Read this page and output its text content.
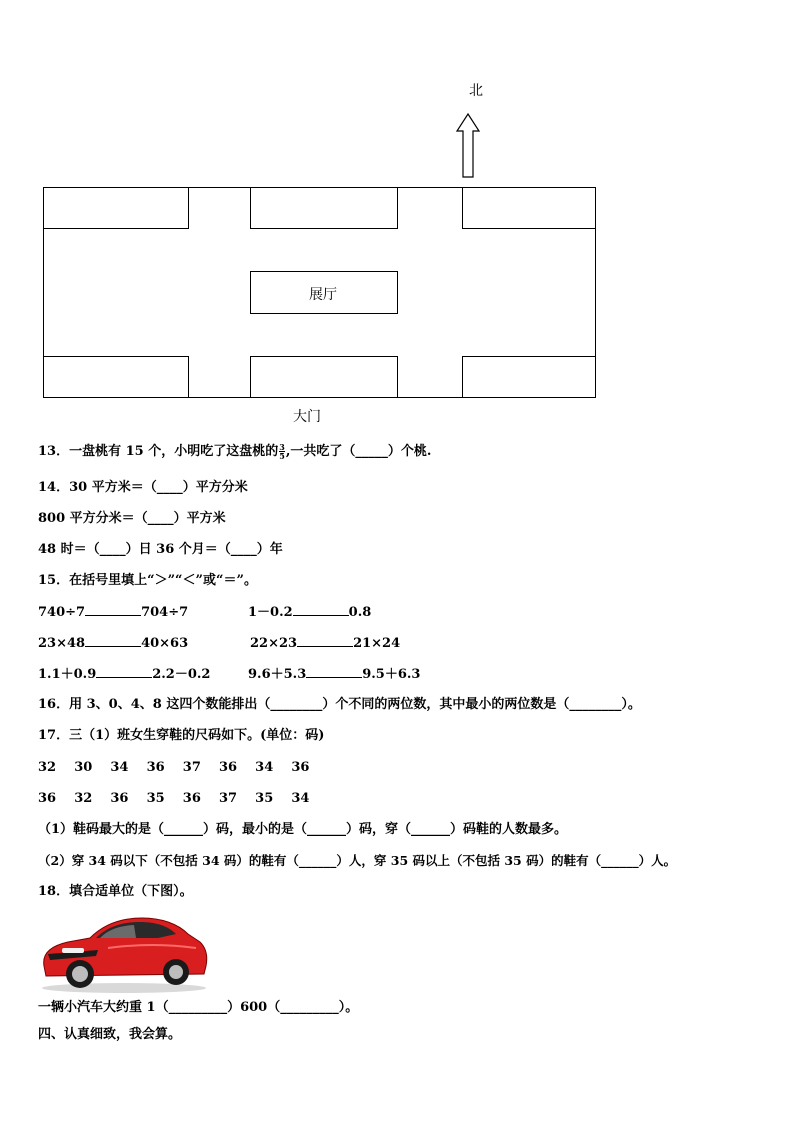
北
展厅
大门
13．一盘桃有 15 个，小明吃了这盘桃的 $\frac{3}{5}$ ,一共吃了（_____）个桃.
14．30 平方米＝（____）平方分米
800 平方分米＝（____）平方米
48 时＝（____）日 36 个月＝（____）年
15．在括号里填上“＞”“＜”或“＝”。
740÷7	704÷7	1－0.2	0.8
23×48	40×63	22×23	21×24
1.1＋0.9	2.2－0.2	9.6＋5.3	9.5＋6.3
16．用 3、0、4、8 这四个数能排出（________）个不同的两位数，其中最小的两位数是（________）。
17．三（1）班女生穿鞋的尺码如下。(单位：码)
32    30    34    36    37    36    34    36
36    32    36    35    36    37    35    34
（1）鞋码最大的是（______）码，最小的是（______）码，穿（______）码鞋的人数最多。
（2）穿 34 码以下（不包括 34 码）的鞋有（______）人，穿 35 码以上（不包括 35 码）的鞋有（______）人。
18．填合适单位（下图）。
一辆小汽车大约重 1（_________）600（_________）。
四、认真细致，我会算。
